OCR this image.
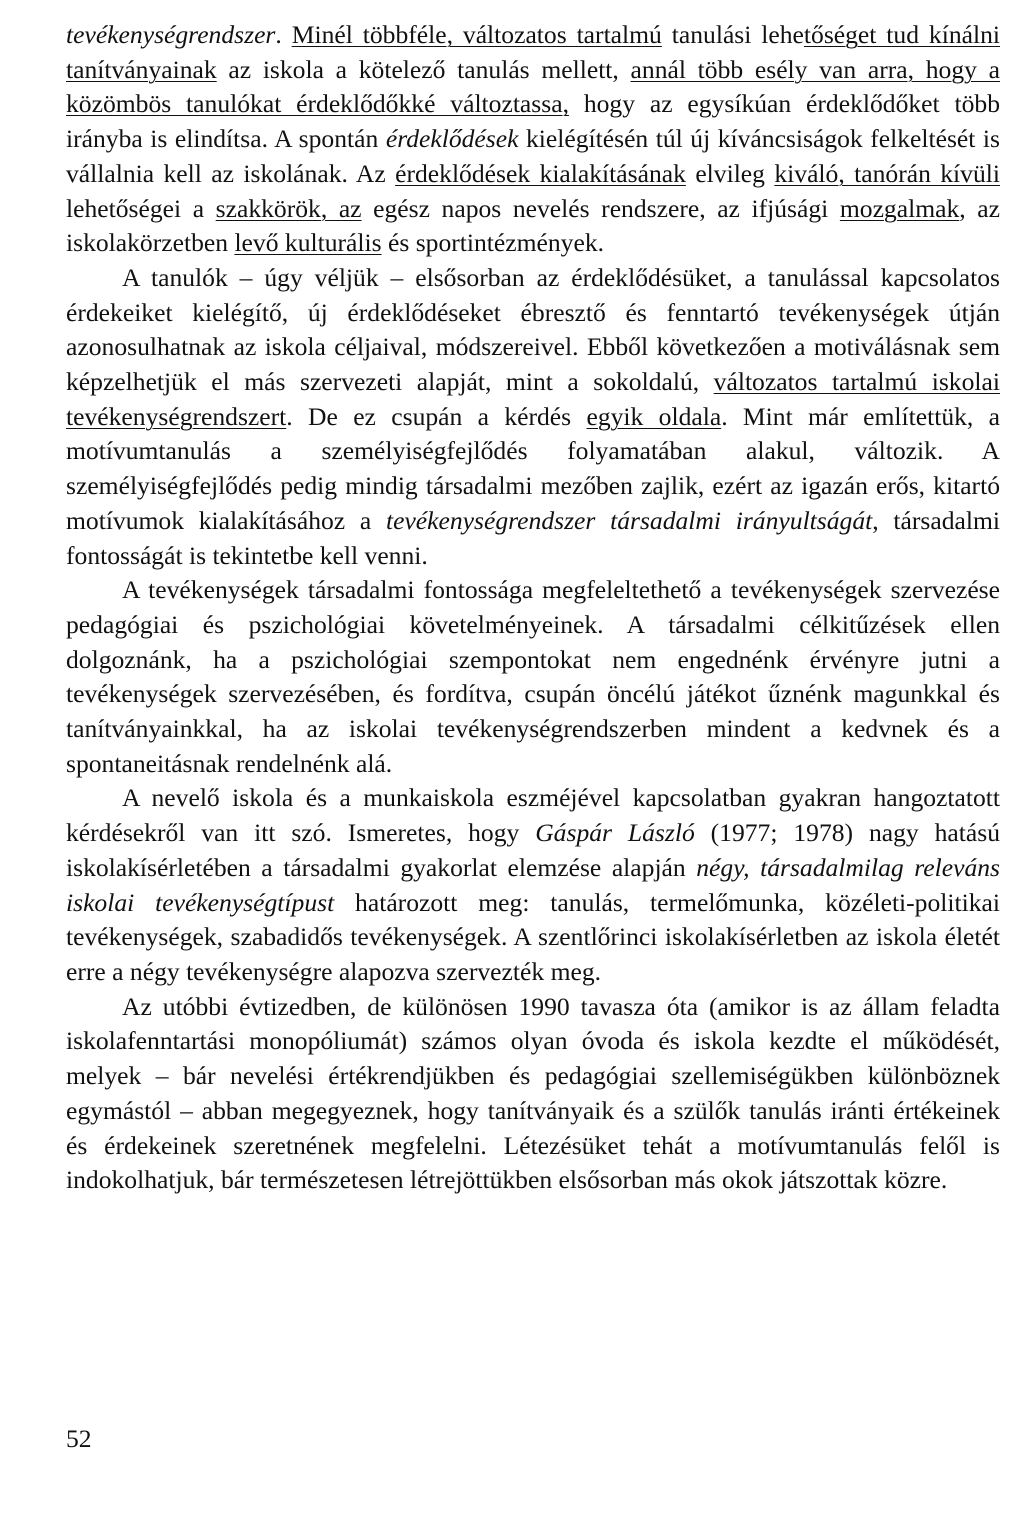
tevékenységrendszer. Minél többféle, változatos tartalmú tanulási lehetőséget tud kínálni tanítványainak az iskola a kötelező tanulás mellett, annál több esély van arra, hogy a közömbös tanulókat érdeklődőkké változtassa, hogy az egysíkúan érdeklődőket több irányba is elindítsa. A spontán érdeklődések kielégítésén túl új kíváncsiságok felkeltését is vállalnia kell az iskolának. Az érdeklődések kialakításának elvileg kiváló, tanórán kívüli lehetőségei a szakkörök, az egész napos nevelés rendszere, az ifjúsági mozgalmak, az iskolakörzetben levő kulturális és sportintézmények.

A tanulók – úgy véljük – elsősorban az érdeklődésüket, a tanulással kapcsolatos érdekeiket kielégítő, új érdeklődéseket ébresztő és fenntartó tevékenységek útján azonosulhatnak az iskola céljaival, módszereivel. Ebből következően a motiválásnak sem képzelhetjük el más szervezeti alapját, mint a sokoldalú, változatos tartalmú iskolai tevékenységrendszert. De ez csupán a kérdés egyik oldala. Mint már említettük, a motívumtanulás a személyiségfejlődés folyamatában alakul, változik. A személyiségfejlődés pedig mindig társadalmi mezőben zajlik, ezért az igazán erős, kitartó motívumok kialakításához a tevékenységrendszer társadalmi irányultságát, társadalmi fontosságát is tekintetbe kell venni.

A tevékenységek társadalmi fontossága megfeleltethető a tevékenységek szervezése pedagógiai és pszichológiai követelményeinek. A társadalmi célkitűzések ellen dolgoznánk, ha a pszichológiai szempontokat nem engednénk érvényre jutni a tevékenységek szervezésében, és fordítva, csupán öncélú játékot űznénk magunkkal és tanítványainkkal, ha az iskolai tevékenységrendszerben mindent a kedvnek és a spontaneitásnak rendelnénk alá.

A nevelő iskola és a munkaiskola eszméjével kapcsolatban gyakran hangoztatott kérdésekről van itt szó. Ismeretes, hogy Gáspár László (1977; 1978) nagy hatású iskolakísérletében a társadalmi gyakorlat elemzése alapján négy, társadalmilag releváns iskolai tevékenységtípust határozott meg: tanulás, termelőmunka, közéleti-politikai tevékenységek, szabadidős tevékenységek. A szentlőrinci iskolakísérletben az iskola életét erre a négy tevékenységre alapozva szervezték meg.

Az utóbbi évtizedben, de különösen 1990 tavasza óta (amikor is az állam feladta iskolafenntartási monopóliumát) számos olyan óvoda és iskola kezdte el működését, melyek – bár nevelési értékrendjükben és pedagógiai szellemiségükben különböznek egymástól – abban megegyeznek, hogy tanítványaik és a szülők tanulás iránti értékeinek és érdekeinek szeretnének megfelelni. Létezésüket tehát a motívumtanulás felől is indokolhatjuk, bár természetesen létrejöttükben elsősorban más okok játszottak közre.

52
